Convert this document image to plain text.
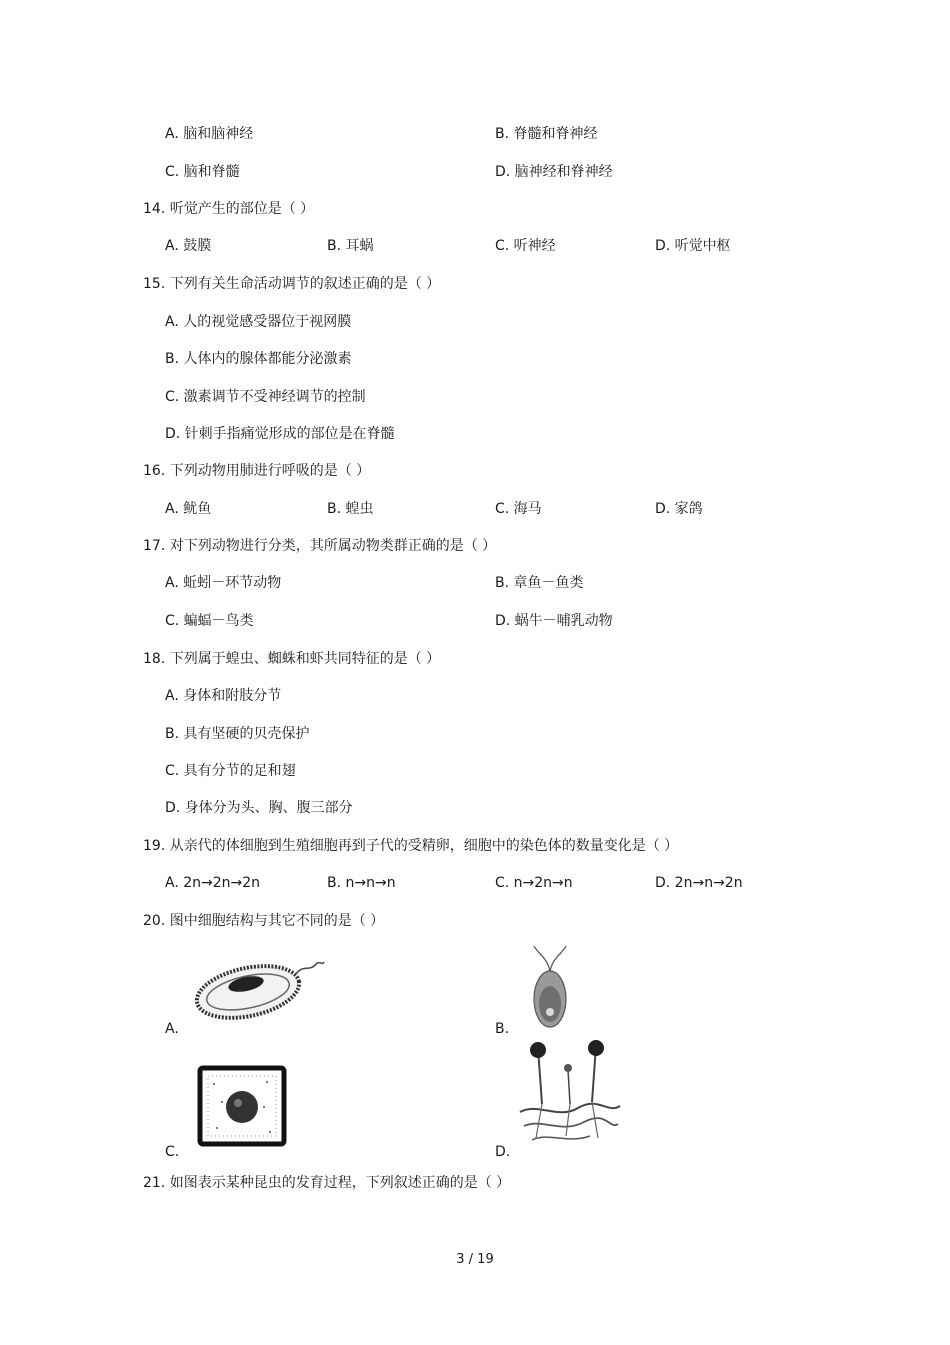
A. 脑和脑神经	B. 脊髓和脊神经
C. 脑和脊髓	D. 脑神经和脊神经
14. 听觉产生的部位是（ ）
A. 鼓膜	B. 耳蜗	C. 听神经	D. 听觉中枢
15. 下列有关生命活动调节的叙述正确的是（ ）
A. 人的视觉感受器位于视网膜
B. 人体内的腺体都能分泌激素
C. 激素调节不受神经调节的控制
D. 针刺手指痛觉形成的部位是在脊髓
16. 下列动物用肺进行呼吸的是（ ）
A. 鱿鱼	B. 蝗虫	C. 海马	D. 家鸽
17. 对下列动物进行分类，其所属动物类群正确的是（ ）
A. 蚯蚓－环节动物	B. 章鱼－鱼类
C. 蝙蝠－鸟类	D. 蜗牛－哺乳动物
18. 下列属于蝗虫、蜘蛛和虾共同特征的是（ ）
A. 身体和附肢分节
B. 具有坚硬的贝壳保护
C. 具有分节的足和翅
D. 身体分为头、胸、腹三部分
19. 从亲代的体细胞到生殖细胞再到子代的受精卵，细胞中的染色体的数量变化是（ ）
A. 2n→2n→2n	B. n→n→n	C. n→2n→n	D. 2n→n→2n
20. 图中细胞结构与其它不同的是（ ）
A.	B.
C.	D.
21. 如图表示某种昆虫的发育过程，下列叙述正确的是（ ）
3 / 19
